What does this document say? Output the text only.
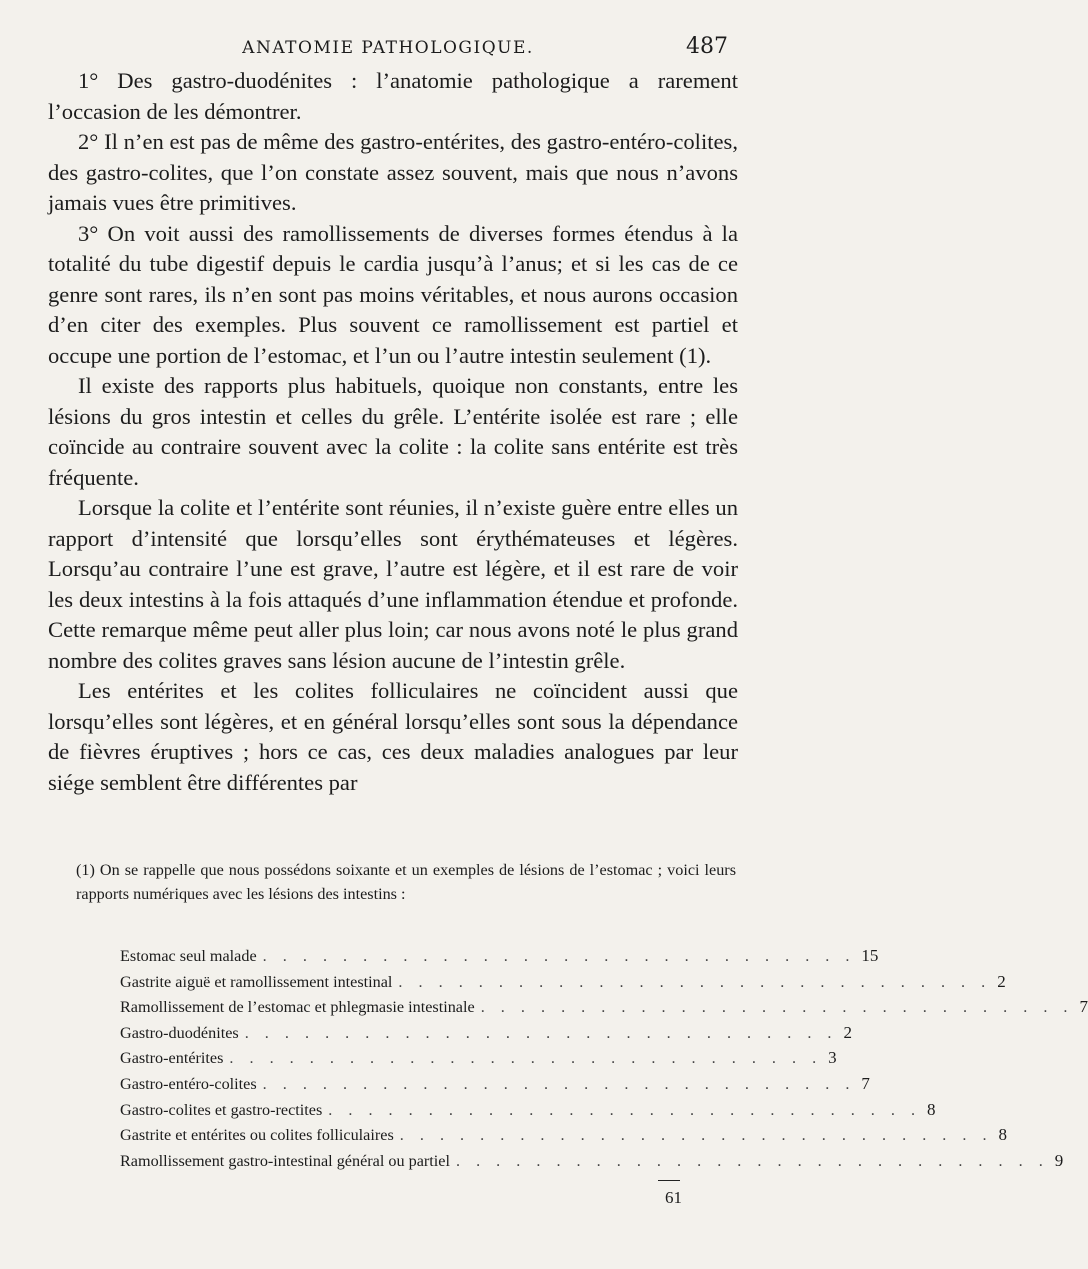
ANATOMIE PATHOLOGIQUE.	487

1° Des gastro-duodénites : l’anatomie pathologique a rarement l’occasion de les démontrer.

2° Il n’en est pas de même des gastro-entérites, des gastro-entéro-colites, des gastro-colites, que l’on constate assez souvent, mais que nous n’avons jamais vues être primitives.

3° On voit aussi des ramollissements de diverses formes étendus à la totalité du tube digestif depuis le cardia jusqu’à l’anus; et si les cas de ce genre sont rares, ils n’en sont pas moins véritables, et nous aurons occasion d’en citer des exemples. Plus souvent ce ramollissement est partiel et occupe une portion de l’estomac, et l’un ou l’autre intestin seulement (1).

Il existe des rapports plus habituels, quoique non constants, entre les lésions du gros intestin et celles du grêle. L’entérite isolée est rare ; elle coïncide au contraire souvent avec la colite : la colite sans entérite est très fréquente.

Lorsque la colite et l’entérite sont réunies, il n’existe guère entre elles un rapport d’intensité que lorsqu’elles sont érythémateuses et légères. Lorsqu’au contraire l’une est grave, l’autre est légère, et il est rare de voir les deux intestins à la fois attaqués d’une inflammation étendue et profonde. Cette remarque même peut aller plus loin; car nous avons noté le plus grand nombre des colites graves sans lésion aucune de l’intestin grêle.

Les entérites et les colites folliculaires ne coïncident aussi que lorsqu’elles sont légères, et en général lorsqu’elles sont sous la dépendance de fièvres éruptives ; hors ce cas, ces deux maladies analogues par leur siége semblent être différentes par

(1) On se rappelle que nous possédons soixante et un exemples de lésions de l’estomac ; voici leurs rapports numériques avec les lésions des intestins :

Estomac seul malade . . . . . . . . . . . . . . . . . . . . . . . . . . . . . . 15
Gastrite aiguë et ramollissement intestinal . . . . . . . . . . . . . . . . . . . . . . . . . . . . . . 2
Ramollissement de l’estomac et phlegmasie intestinale . . . . . . . . . . . . . . . . . . . . . . . . . . . . . . 7
Gastro-duodénites . . . . . . . . . . . . . . . . . . . . . . . . . . . . . . 2
Gastro-entérites . . . . . . . . . . . . . . . . . . . . . . . . . . . . . . 3
Gastro-entéro-colites . . . . . . . . . . . . . . . . . . . . . . . . . . . . . . 7
Gastro-colites et gastro-rectites . . . . . . . . . . . . . . . . . . . . . . . . . . . . . . 8
Gastrite et entérites ou colites folliculaires . . . . . . . . . . . . . . . . . . . . . . . . . . . . . . 8
Ramollissement gastro-intestinal général ou partiel . . . . . . . . . . . . . . . . . . . . . . . . . . . . . . 9
61
